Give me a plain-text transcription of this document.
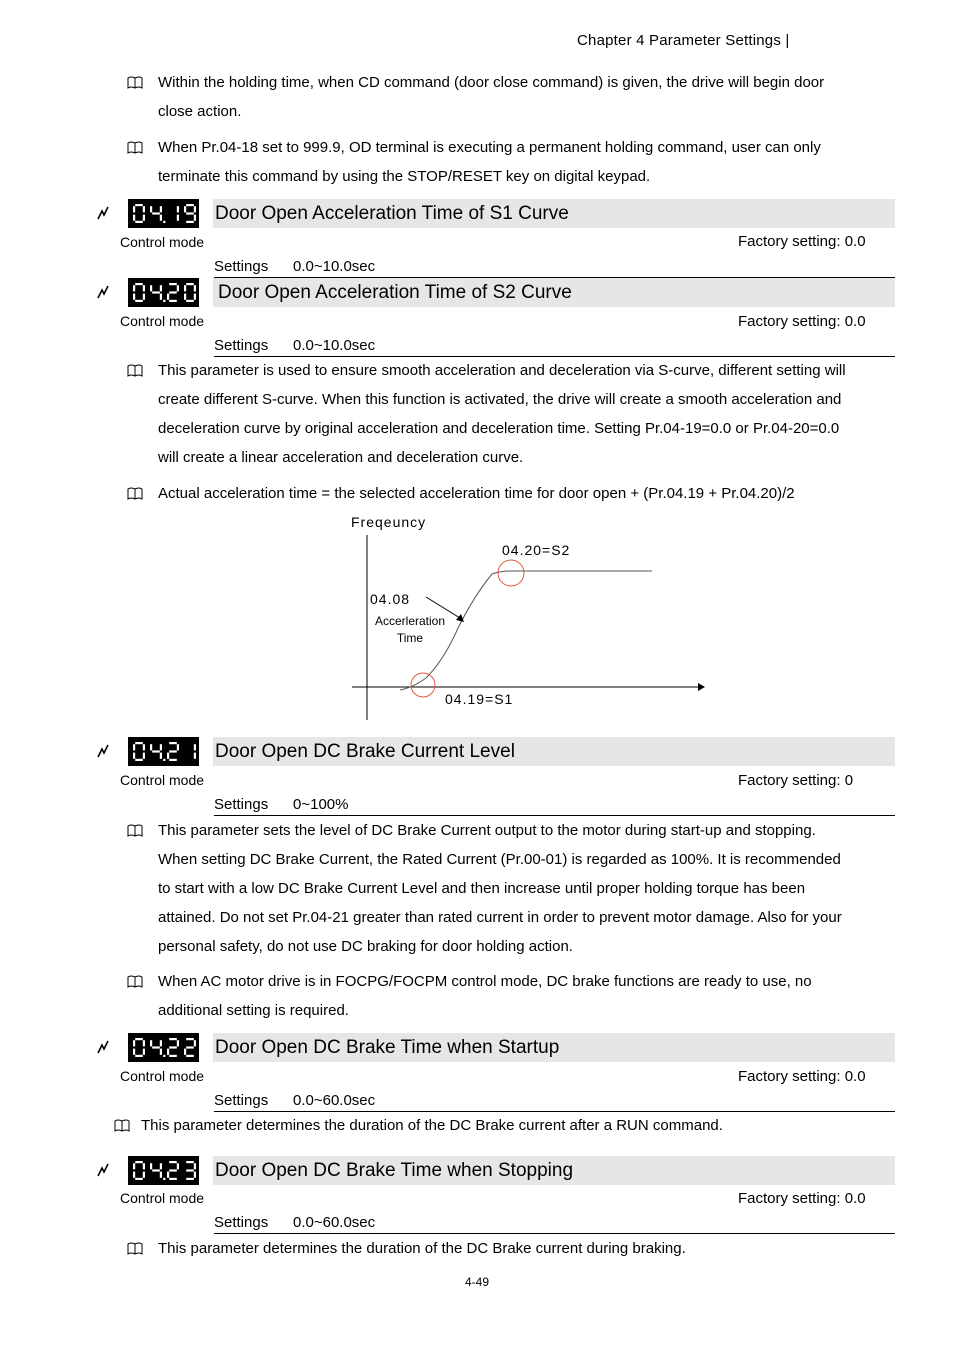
Chapter 4 Parameter Settings |
Within the holding time, when CD command (door close command) is given, the drive will begin door
close action.
When Pr.04-18 set to 999.9, OD terminal is executing a permanent holding command, user can only
terminate this command by using the STOP/RESET key on digital keypad.
Door Open Acceleration Time of S1 Curve
Control mode	Factory setting: 0.0
Settings 0.0~10.0sec
Door Open Acceleration Time of S2 Curve
Control mode	Factory setting: 0.0
Settings 0.0~10.0sec
This parameter is used to ensure smooth acceleration and deceleration via S-curve, different setting will
create different S-curve. When this function is activated, the drive will create a smooth acceleration and
deceleration curve by original acceleration and deceleration time. Setting Pr.04-19=0.0 or Pr.04-20=0.0
will create a linear acceleration and deceleration curve.
Actual acceleration time = the selected acceleration time for door open + (Pr.04.19 + Pr.04.20)/2
Freqeuncy
04.20=S2
04.08
Accerleration
Time
04.19=S1
Door Open DC Brake Current Level
Control mode	Factory setting: 0
Settings 0~100%
This parameter sets the level of DC Brake Current output to the motor during start-up and stopping.
When setting DC Brake Current, the Rated Current (Pr.00-01) is regarded as 100%. It is recommended
to start with a low DC Brake Current Level and then increase until proper holding torque has been
attained. Do not set Pr.04-21 greater than rated current in order to prevent motor damage. Also for your
personal safety, do not use DC braking for door holding action.
When AC motor drive is in FOCPG/FOCPM control mode, DC brake functions are ready to use, no
additional setting is required.
Door Open DC Brake Time when Startup
Control mode	Factory setting: 0.0
Settings 0.0~60.0sec
This parameter determines the duration of the DC Brake current after a RUN command.
Door Open DC Brake Time when Stopping
Control mode	Factory setting: 0.0
Settings 0.0~60.0sec
This parameter determines the duration of the DC Brake current during braking.
4-49
